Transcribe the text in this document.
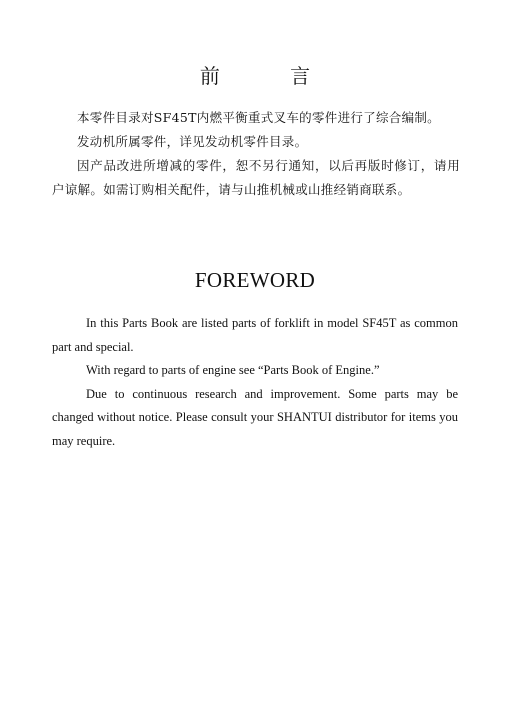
前 言

本零件目录对SF45T内燃平衡重式叉车的零件进行了综合编制。

发动机所属零件，详见发动机零件目录。

因产品改进所增减的零件，恕不另行通知，以后再版时修订，请用户谅解。如需订购相关配件，请与山推机械或山推经销商联系。

FOREWORD

In this Parts Book are listed parts of forklift in model SF45T as common part and special.

With regard to parts of engine see “Parts Book of Engine.”

Due to continuous research and improvement. Some parts may be changed without notice. Please consult your SHANTUI distributor for items you may require.
